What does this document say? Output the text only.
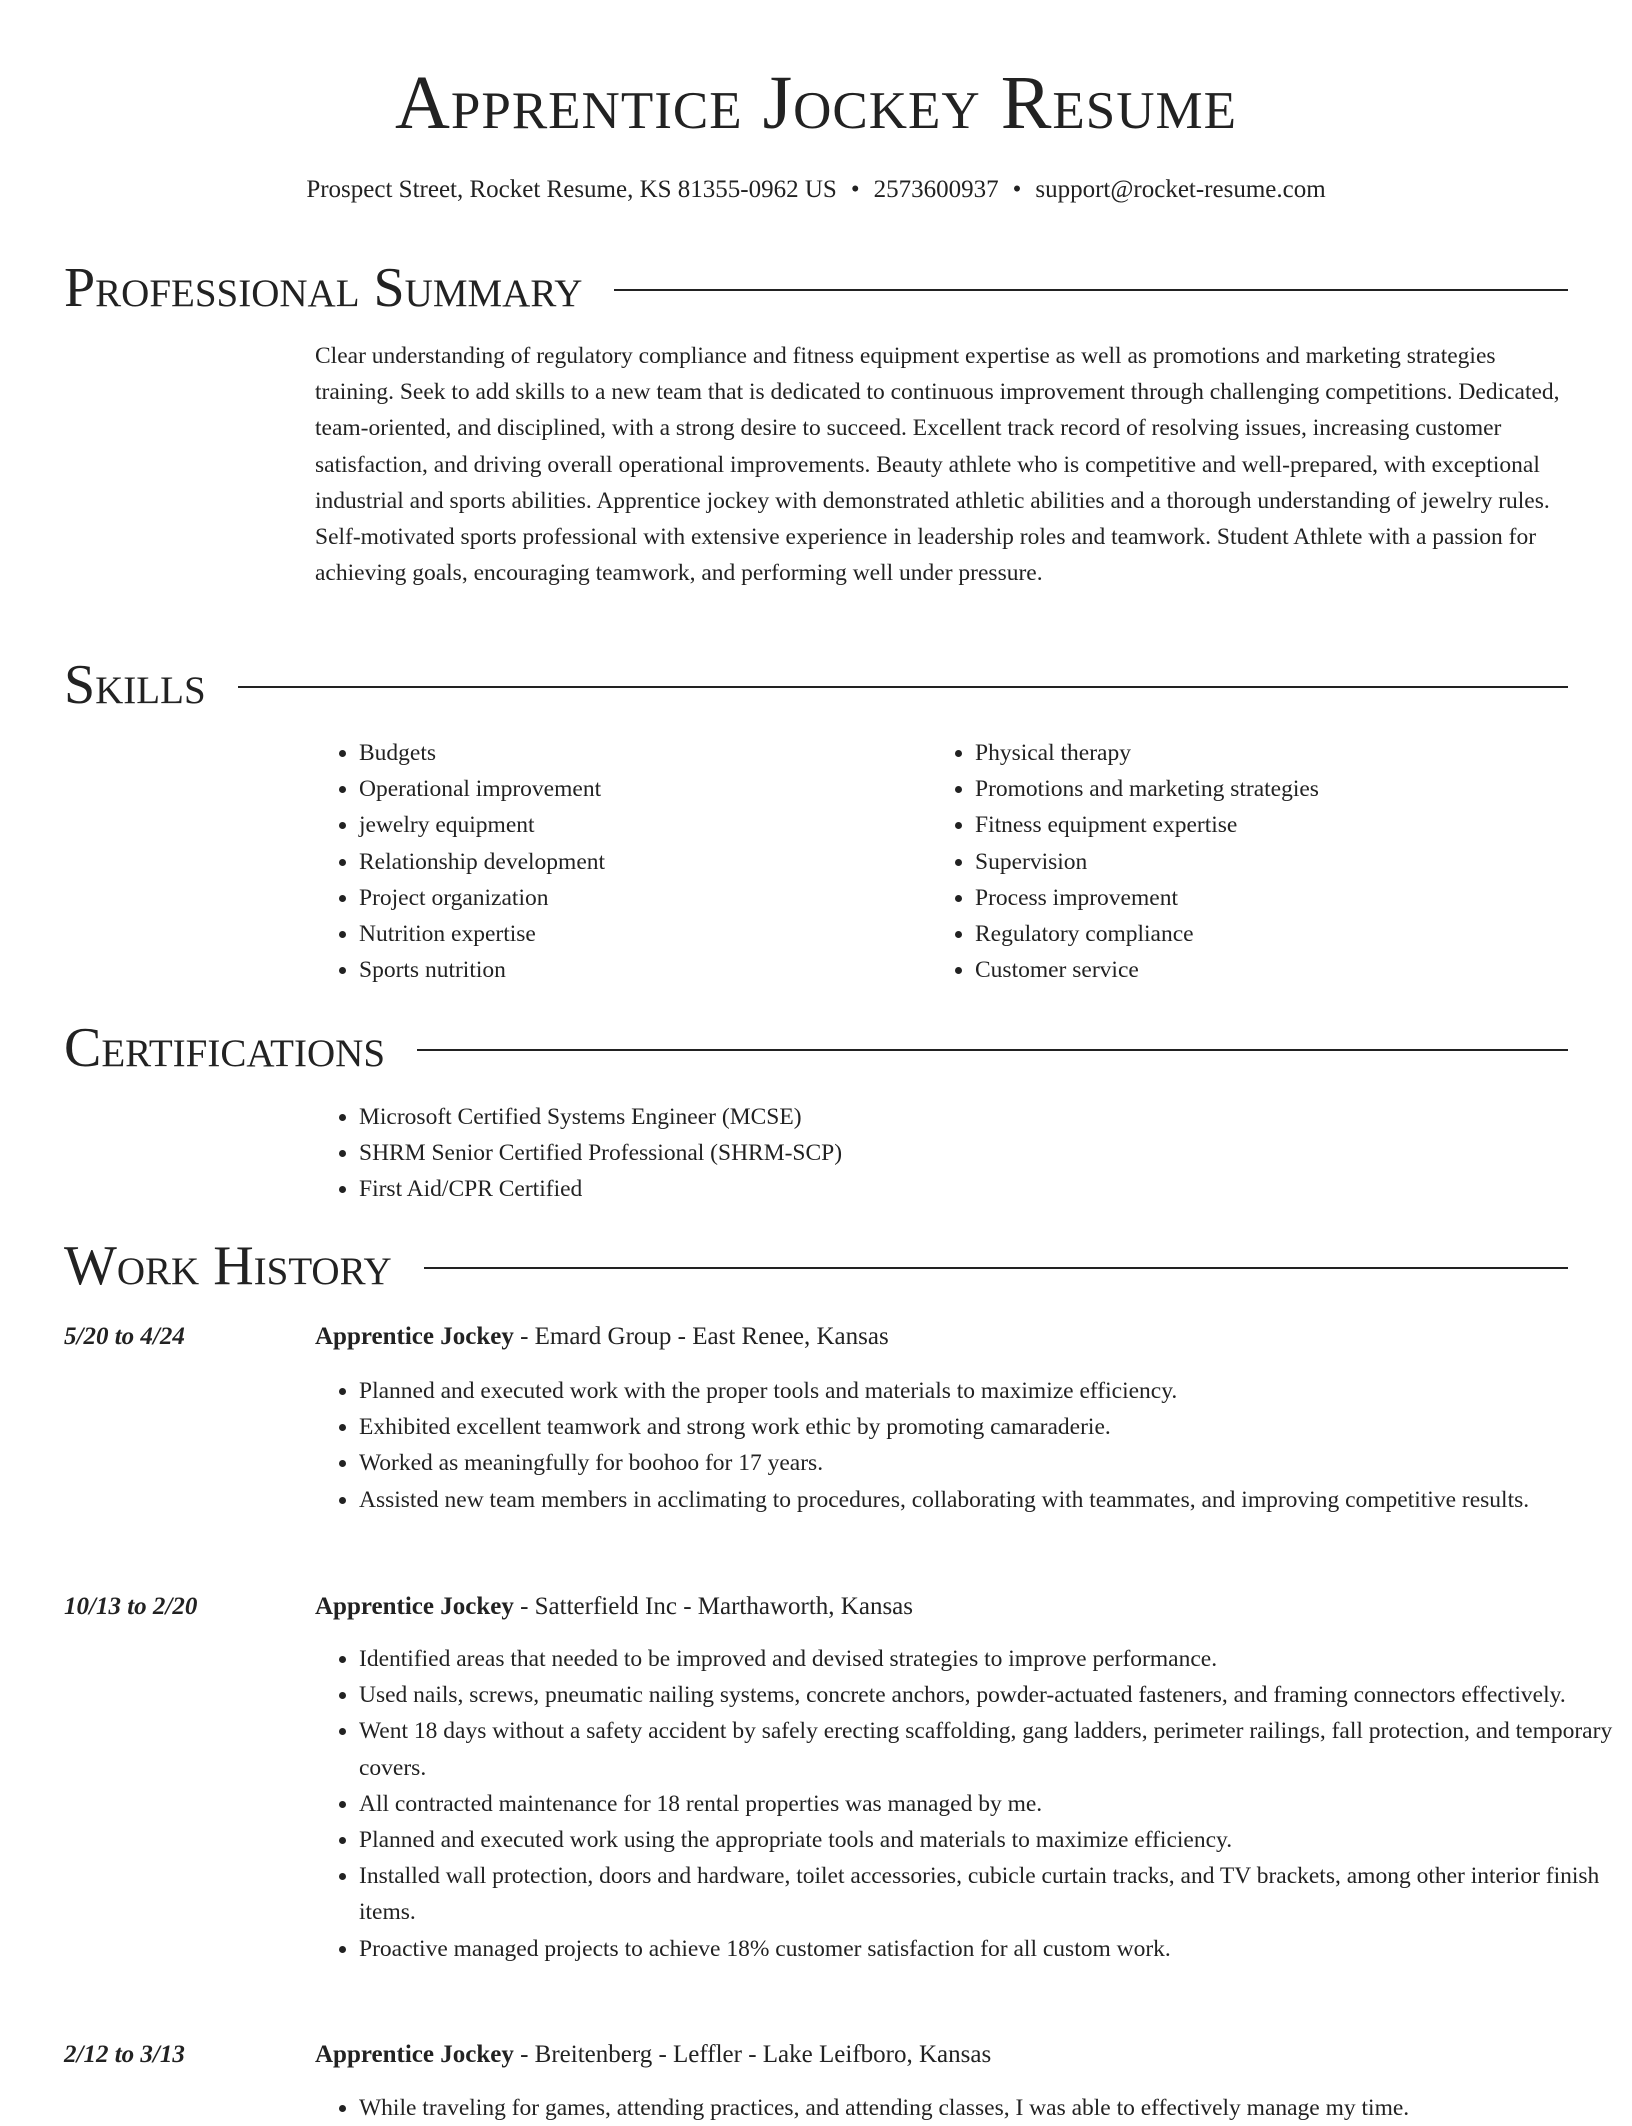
Apprentice Jockey Resume
Prospect Street, Rocket Resume, KS 81355-0962 US • 2573600937 • support@rocket-resume.com
Professional Summary

Clear understanding of regulatory compliance and fitness equipment expertise as well as promotions and marketing strategies training. Seek to add skills to a new team that is dedicated to continuous improvement through challenging competitions. Dedicated, team-oriented, and disciplined, with a strong desire to succeed. Excellent track record of resolving issues, increasing customer satisfaction, and driving overall operational improvements. Beauty athlete who is competitive and well-prepared, with exceptional industrial and sports abilities. Apprentice jockey with demonstrated athletic abilities and a thorough understanding of jewelry rules. Self-motivated sports professional with extensive experience in leadership roles and teamwork. Student Athlete with a passion for achieving goals, encouraging teamwork, and performing well under pressure.

Skills
• Budgets
• Operational improvement
• jewelry equipment
• Relationship development
• Project organization
• Nutrition expertise
• Sports nutrition
• Physical therapy
• Promotions and marketing strategies
• Fitness equipment expertise
• Supervision
• Process improvement
• Regulatory compliance
• Customer service
Certifications
• Microsoft Certified Systems Engineer (MCSE)
• SHRM Senior Certified Professional (SHRM-SCP)
• First Aid/CPR Certified
Work History
5/20 to 4/24	Apprentice Jockey - Emard Group - East Renee, Kansas
• Planned and executed work with the proper tools and materials to maximize efficiency.
• Exhibited excellent teamwork and strong work ethic by promoting camaraderie.
• Worked as meaningfully for boohoo for 17 years.
• Assisted new team members in acclimating to procedures, collaborating with teammates, and improving competitive results.
10/13 to 2/20	Apprentice Jockey - Satterfield Inc - Marthaworth, Kansas
• Identified areas that needed to be improved and devised strategies to improve performance.
• Used nails, screws, pneumatic nailing systems, concrete anchors, powder-actuated fasteners, and framing connectors effectively.
• Went 18 days without a safety accident by safely erecting scaffolding, gang ladders, perimeter railings, fall protection, and temporary covers.
• All contracted maintenance for 18 rental properties was managed by me.
• Planned and executed work using the appropriate tools and materials to maximize efficiency.
• Installed wall protection, doors and hardware, toilet accessories, cubicle curtain tracks, and TV brackets, among other interior finish items.
• Proactive managed projects to achieve 18% customer satisfaction for all custom work.
2/12 to 3/13	Apprentice Jockey - Breitenberg - Leffler - Lake Leifboro, Kansas
• While traveling for games, attending practices, and attending classes, I was able to effectively manage my time.
